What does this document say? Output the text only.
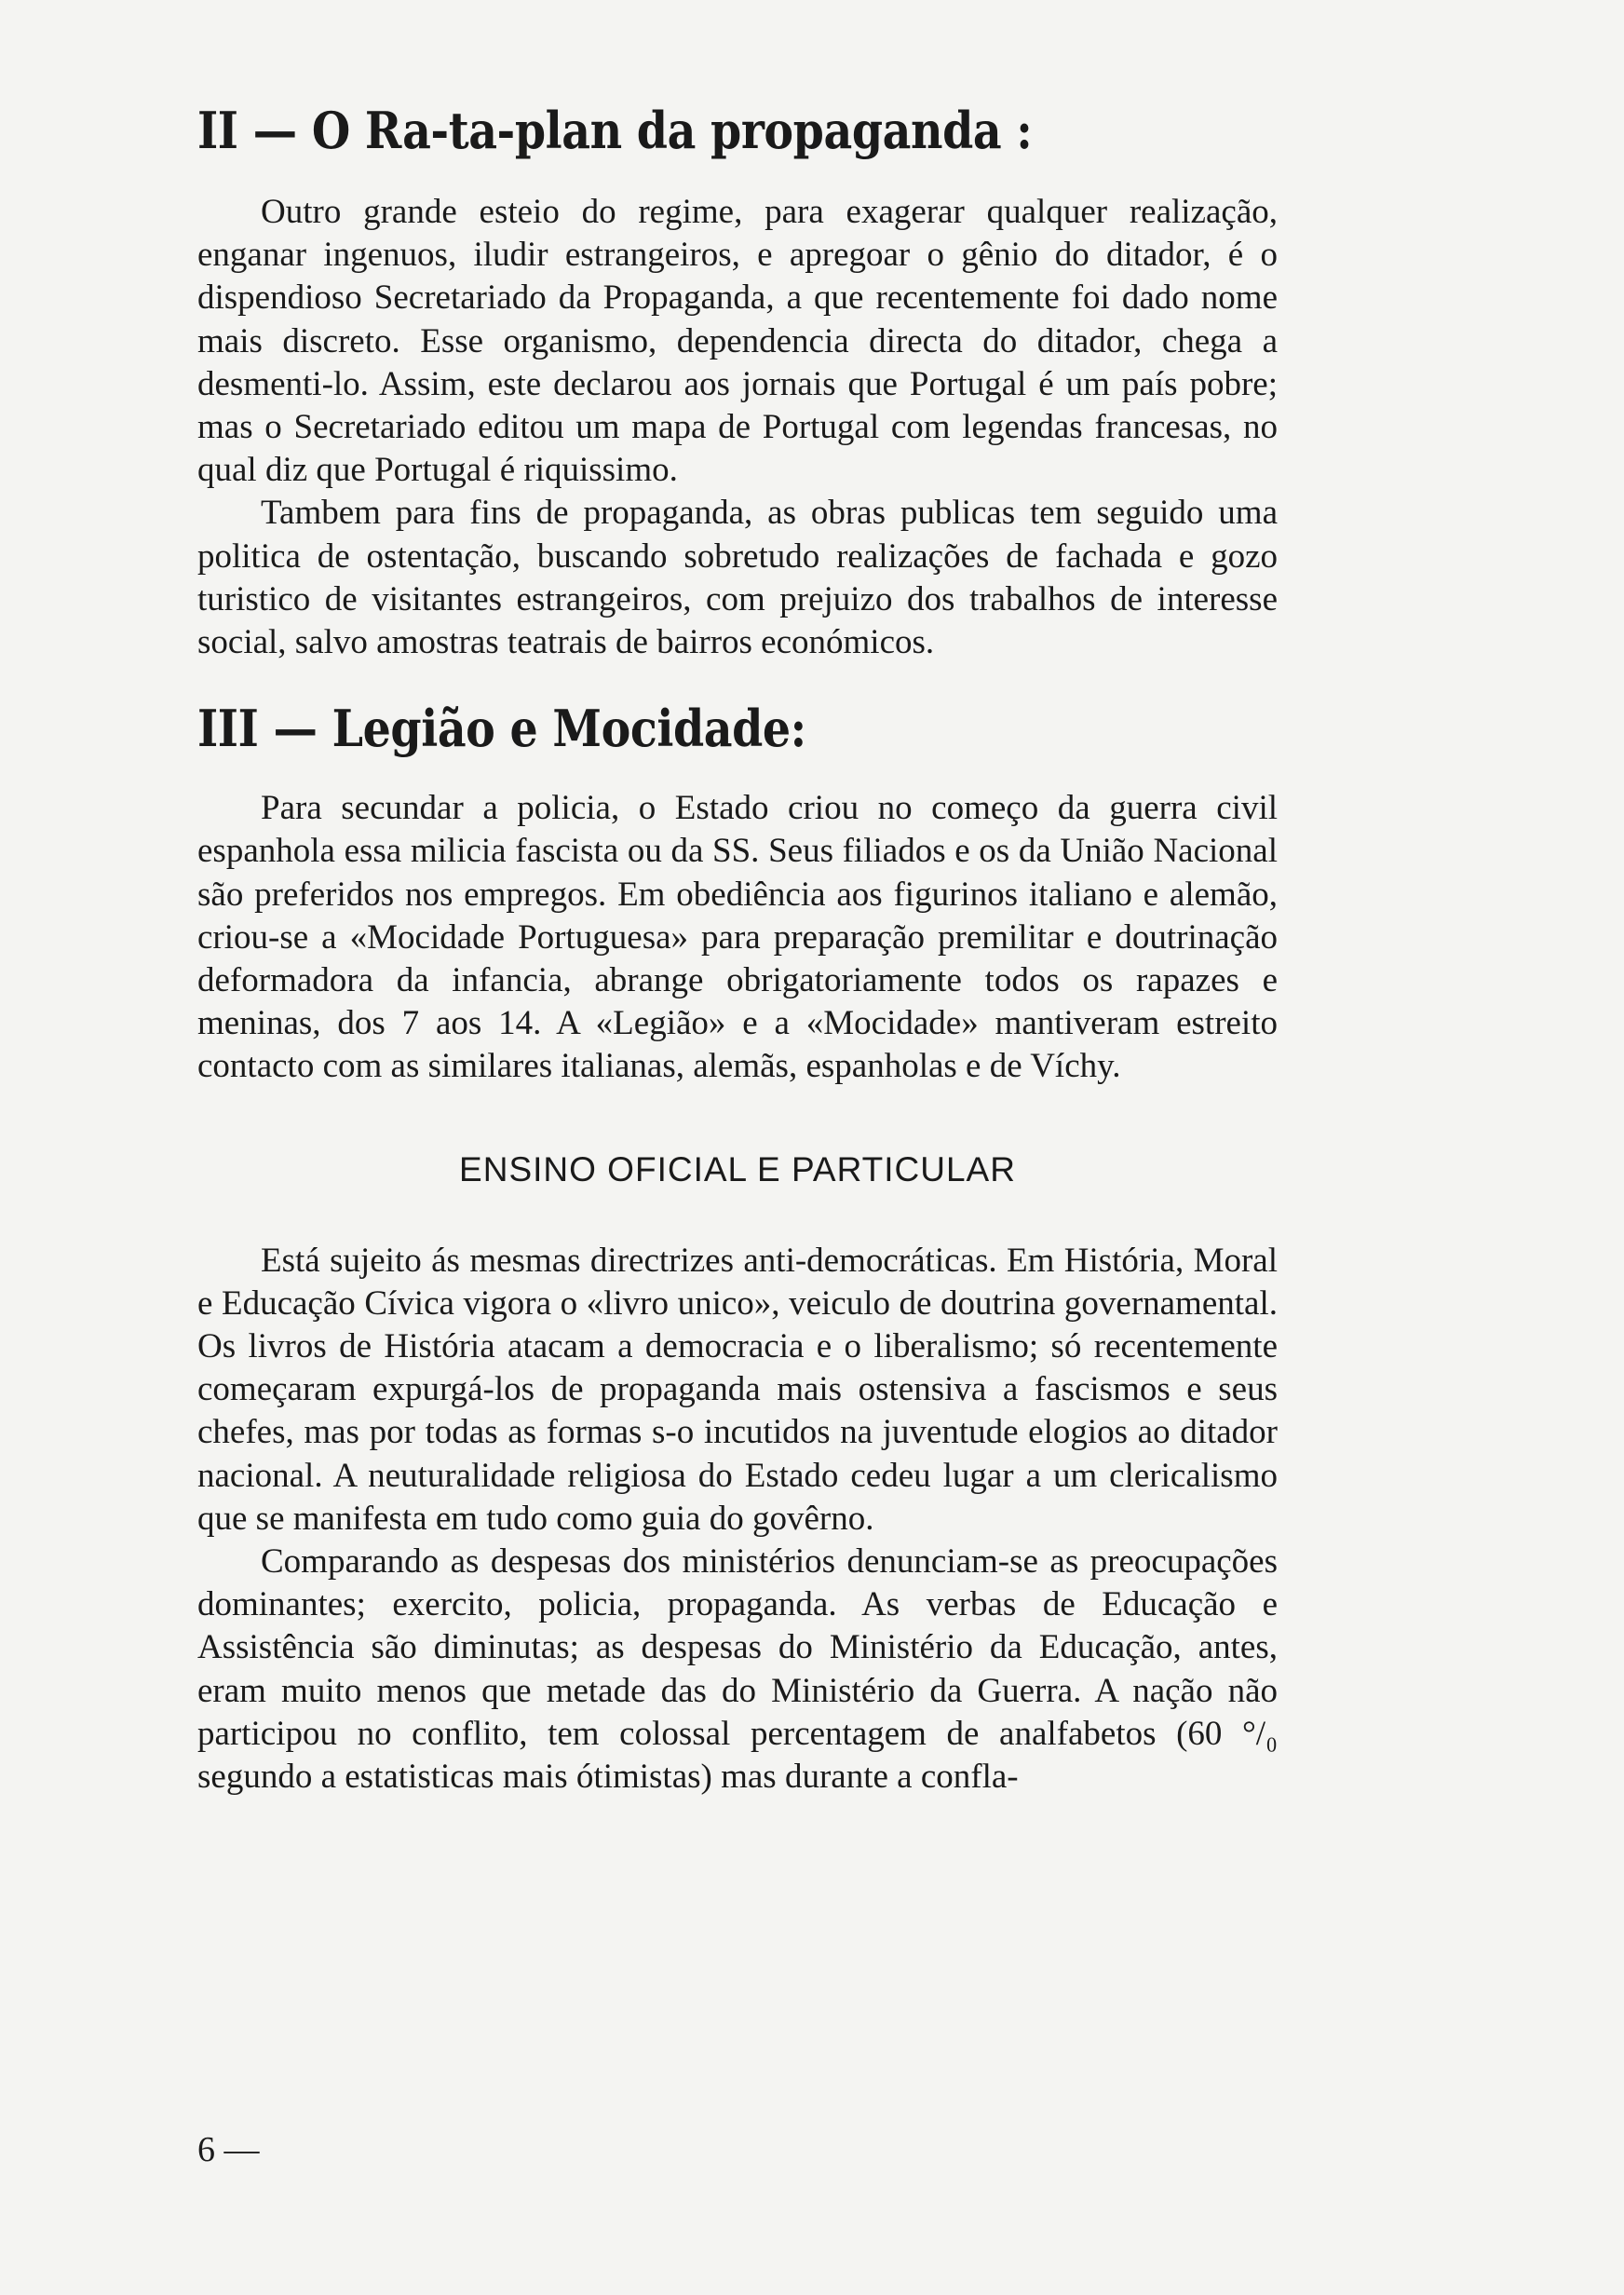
II — O Ra-ta-plan da propaganda :

Outro grande esteio do regime, para exagerar qualquer realização, enganar ingenuos, iludir estrangeiros, e apregoar o gênio do ditador, é o dispendioso Secretariado da Propaganda, a que recentemente foi dado nome mais discreto. Esse organismo, dependencia directa do ditador, chega a desmenti-lo. Assim, este declarou aos jornais que Portugal é um país pobre; mas o Secretariado editou um mapa de Portugal com legendas francesas, no qual diz que Portugal é riquissimo.

Tambem para fins de propaganda, as obras publicas tem seguido uma politica de ostentação, buscando sobretudo realizações de fachada e gozo turistico de visitantes estrangeiros, com prejuizo dos trabalhos de interesse social, salvo amostras teatrais de bairros económicos.

III — Legião e Mocidade:

Para secundar a policia, o Estado criou no começo da guerra civil espanhola essa milicia fascista ou da SS. Seus filiados e os da União Nacional são preferidos nos empregos. Em obediência aos figurinos italiano e alemão, criou-se a «Mocidade Portuguesa» para preparação premilitar e doutrinação deformadora da infancia, abrange obrigatoriamente todos os rapazes e meninas, dos 7 aos 14. A «Legião» e a «Mocidade» mantiveram estreito contacto com as similares italianas, alemãs, espanholas e de Víchy.

ENSINO OFICIAL E PARTICULAR

Está sujeito ás mesmas directrizes anti-democráticas. Em História, Moral e Educação Cívica vigora o «livro unico», veiculo de doutrina governamental. Os livros de História atacam a democracia e o liberalismo; só recentemente começaram expurgá-los de propaganda mais ostensiva a fascismos e seus chefes, mas por todas as formas s-o incutidos na juventude elogios ao ditador nacional. A neuturalidade religiosa do Estado cedeu lugar a um clericalismo que se manifesta em tudo como guia do govêrno.

Comparando as despesas dos ministérios denunciam-se as preocupações dominantes; exercito, policia, propaganda. As verbas de Educação e Assistência são diminutas; as despesas do Ministério da Educação, antes, eram muito menos que metade das do Ministério da Guerra. A nação não participou no conflito, tem colossal percentagem de analfabetos (60 °/₀ segundo a estatisticas mais ótimistas) mas durante a confla-

6 —
